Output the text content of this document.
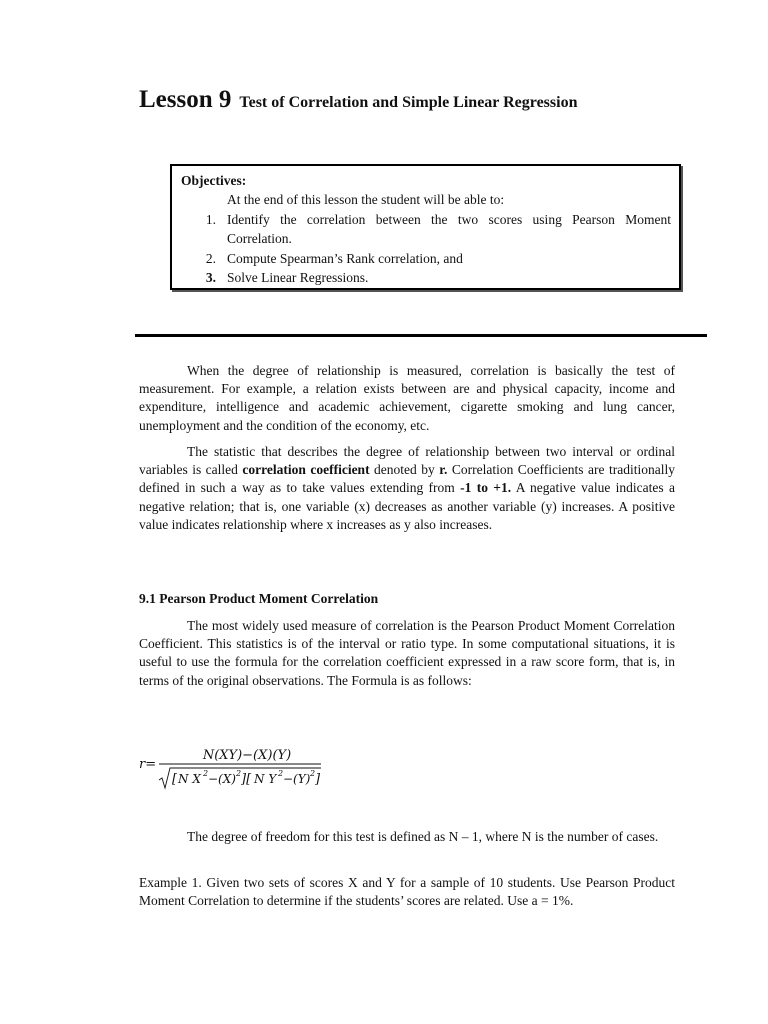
Lesson 9 Test of Correlation and Simple Linear Regression
Objectives:
At the end of this lesson the student will be able to:
1. Identify the correlation between the two scores using Pearson Moment Correlation.
2. Compute Spearman’s Rank correlation, and
3. Solve Linear Regressions.

When the degree of relationship is measured, correlation is basically the test of measurement. For example, a relation exists between are and physical capacity, income and expenditure, intelligence and academic achievement, cigarette smoking and lung cancer, unemployment and the condition of the economy, etc.

The statistic that describes the degree of relationship between two interval or ordinal variables is called correlation coefficient denoted by r. Correlation Coefficients are traditionally defined in such a way as to take values extending from -1 to +1. A negative value indicates a negative relation; that is, one variable (x) decreases as another variable (y) increases. A positive value indicates relationship where x increases as y also increases.

9.1 Pearson Product Moment Correlation

The most widely used measure of correlation is the Pearson Product Moment Correlation Coefficient. This statistics is of the interval or ratio type. In some computational situations, it is useful to use the formula for the correlation coefficient expressed in a raw score form, that is, in terms of the original observations. The Formula is as follows:

r=
N(XY)−(X)(Y)
[ N X 2 −(X) 2 ][ N Y 2 −(Y) 2 ]

The degree of freedom for this test is defined as N – 1, where N is the number of cases.

Example 1. Given two sets of scores X and Y for a sample of 10 students. Use Pearson Product Moment Correlation to determine if the students’ scores are related. Use a = 1%.
